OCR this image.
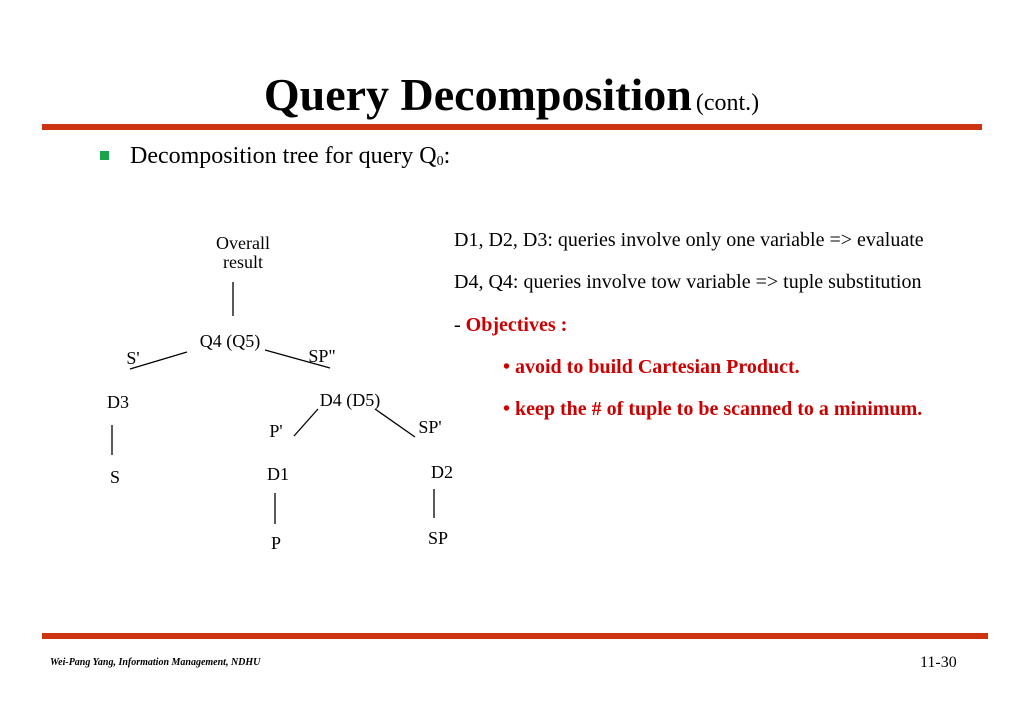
Query Decomposition (cont.)
Decomposition tree for query $Q_0$:
Overall
result
Q4 (Q5)
S'	SP"
D3
S
D4 (D5)
P'	SP'
D1
P
D2
SP
D1, D2, D3: queries involve only one variable => evaluate
D4, Q4: queries involve tow variable => tuple substitution
- Objectives :
• avoid to build Cartesian Product.
• keep the # of tuple to be scanned to a minimum.
Wei-Pang Yang, Information Management, NDHU	11-30
